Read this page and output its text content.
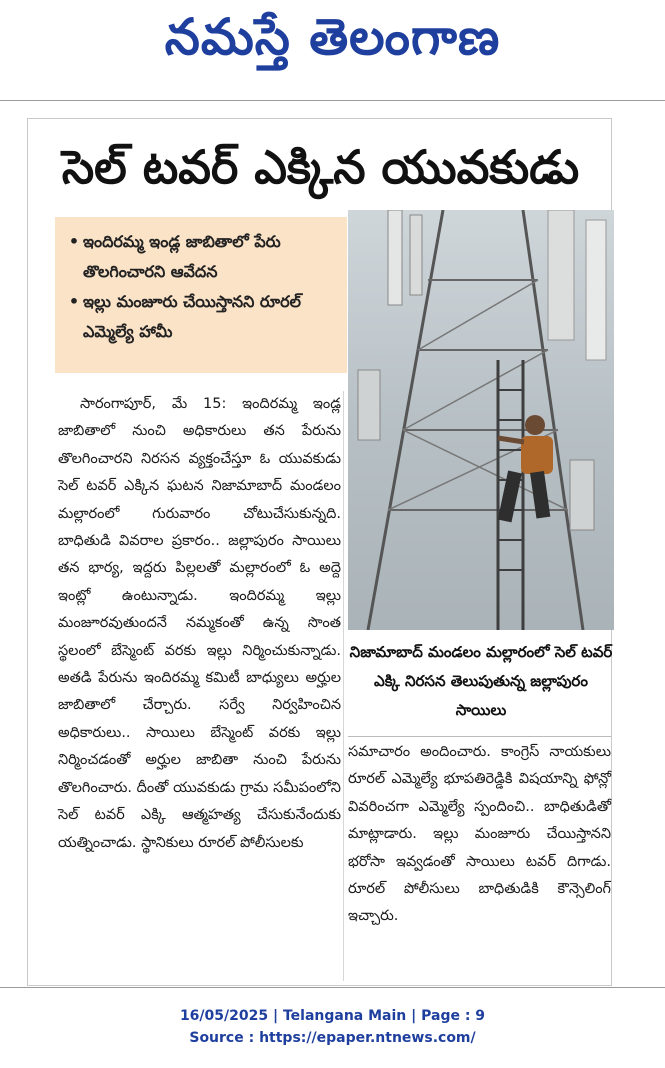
నమస్తే తెలంగాణ
సెల్ టవర్ ఎక్కిన యువకుడు
• ఇందిరమ్మ ఇండ్ల జాబితాలో పేరు తొలగించారని ఆవేదన
• ఇల్లు మంజూరు చేయిస్తానని రూరల్ ఎమ్మెల్యే హామీ
నిజామాబాద్ మండలం మల్లారంలో సెల్ టవర్ ఎక్కి నిరసన తెలుపుతున్న జల్లాపురం సాయిలు
సారంగాపూర్, మే 15: ఇందిరమ్మ ఇండ్ల జాబితాలో నుంచి అధికారులు తన పేరును తొలగించారని నిరసన వ్యక్తంచేస్తూ ఓ యువకుడు సెల్ టవర్ ఎక్కిన ఘటన నిజామాబాద్ మండలం మల్లారంలో గురువారం చోటుచేసుకున్నది. బాధితుడి వివరాల ప్రకారం.. జల్లాపురం సాయిలు తన భార్య, ఇద్దరు పిల్లలతో మల్లారంలో ఓ అద్దె ఇంట్లో ఉంటున్నాడు. ఇందిరమ్మ ఇల్లు మంజూరవుతుందనే నమ్మకంతో ఉన్న సొంత స్థలంలో బేస్మెంట్ వరకు ఇల్లు నిర్మించుకున్నాడు. అతడి పేరును ఇందిరమ్మ కమిటీ బాధ్యులు అర్హుల జాబితాలో చేర్చారు. సర్వే నిర్వహించిన అధికారులు.. సాయిలు బేస్మెంట్ వరకు ఇల్లు నిర్మించడంతో అర్హుల జాబితా నుంచి పేరును తొలగించారు. దీంతో యువకుడు గ్రామ సమీపంలోని సెల్ టవర్ ఎక్కి ఆత్మహత్య చేసుకునేందుకు యత్నించాడు. స్థానికులు రూరల్ పోలీసులకు
సమాచారం అందించారు. కాంగ్రెస్ నాయకులు రూరల్ ఎమ్మెల్యే భూపతిరెడ్డికి విషయాన్ని ఫోన్లో వివరించగా ఎమ్మెల్యే స్పందించి.. బాధితుడితో మాట్లాడారు. ఇల్లు మంజూరు చేయిస్తానని భరోసా ఇవ్వడంతో సాయిలు టవర్ దిగాడు. రూరల్ పోలీసులు బాధితుడికి కౌన్సెలింగ్ ఇచ్చారు.
16/05/2025 | Telangana Main | Page : 9
Source : https://epaper.ntnews.com/
